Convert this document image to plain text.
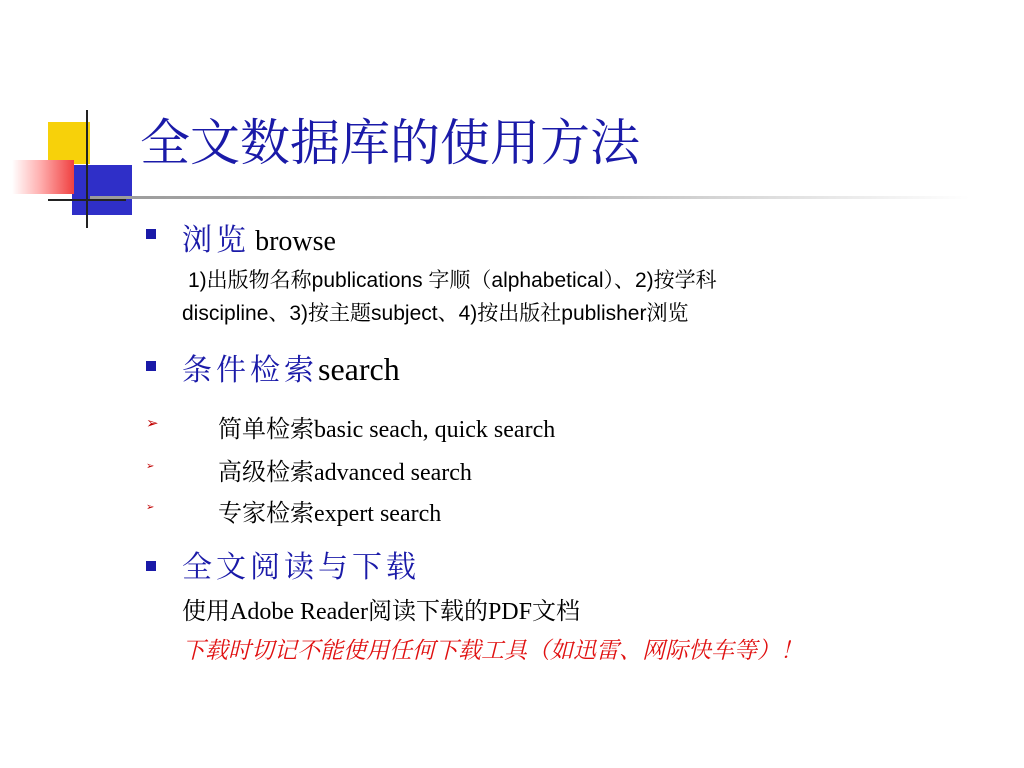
全文数据库的使用方法
浏览 browse
1)出版物名称publications 字顺（alphabetical）、2)按学科
discipline、3)按主题subject、4)按出版社publisher浏览
条件检索search
➢ 简单检索basic seach, quick search
➢	高级检索advanced search
➢	专家检索expert search
全文阅读与下载
使用Adobe Reader阅读下载的PDF文档
下载时切记不能使用任何下载工具（如迅雷、网际快车等）！
